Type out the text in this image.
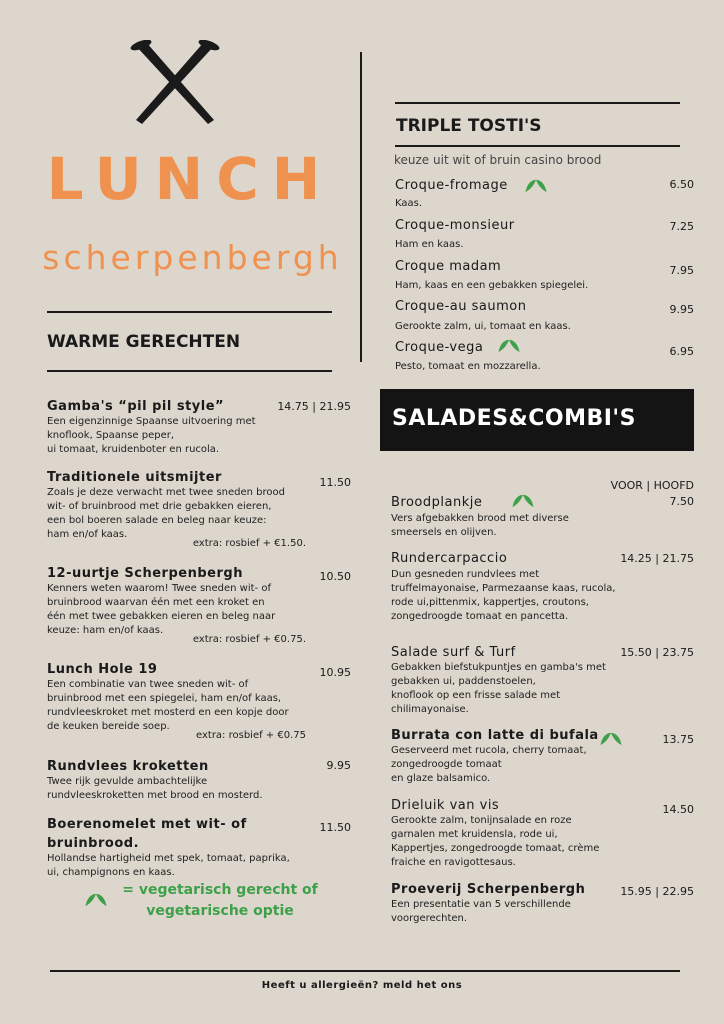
LUNCH
scherpenbergh
WARME GERECHTEN
Gamba's “pil pil style”	14.75 | 21.95
Een eigenzinnige Spaanse uitvoering met
knoflook, Spaanse peper,
ui tomaat, kruidenboter en rucola.
Traditionele uitsmijter	11.50
Zoals je deze verwacht met twee sneden brood
wit- of bruinbrood met drie gebakken eieren,
een bol boeren salade en beleg naar keuze:
ham en/of kaas.
extra: rosbief + €1.50.
12-uurtje Scherpenbergh	10.50
Kenners weten waarom! Twee sneden wit- of
bruinbrood waarvan één met een kroket en
één met twee gebakken eieren en beleg naar
keuze: ham en/of kaas.
extra: rosbief + €0.75.
Lunch Hole 19	10.95
Een combinatie van twee sneden wit- of
bruinbrood met een spiegelei, ham en/of kaas,
rundvleeskroket met mosterd en een kopje door
de keuken bereide soep.
extra: rosbief + €0.75
Rundvlees kroketten	9.95
Twee rijk gevulde ambachtelijke
rundvleeskroketten met brood en mosterd.
Boerenomelet met wit- of
bruinbrood.
11.50
Hollandse hartigheid met spek, tomaat, paprika,
ui, champignons en kaas.
= vegetarisch gerecht of
vegetarische optie
TRIPLE TOSTI'S
keuze uit wit of bruin casino brood
Croque-fromage	6.50
Kaas.
Croque-monsieur	7.25
Ham en kaas.
Croque madam	7.95
Ham, kaas en een gebakken spiegelei.
Croque-au saumon	9.95
Gerookte zalm, ui, tomaat en kaas.
Croque-vega	6.95
Pesto, tomaat en mozzarella.
SALADES&COMBI'S
VOOR | HOOFD
Broodplankje	7.50
Vers afgebakken brood met diverse
smeersels en olijven.
Rundercarpaccio	14.25 | 21.75
Dun gesneden rundvlees met
truffelmayonaise, Parmezaanse kaas, rucola,
rode ui,pittenmix, kappertjes, croutons,
zongedroogde tomaat en pancetta.
Salade surf & Turf	15.50 | 23.75
Gebakken biefstukpuntjes en gamba's met
gebakken ui, paddenstoelen,
knoflook op een frisse salade met
chilimayonaise.
Burrata con latte di bufala	13.75
Geserveerd met rucola, cherry tomaat,
zongedroogde tomaat
en glaze balsamico.
Drieluik van vis	14.50
Gerookte zalm, tonijnsalade en roze
garnalen met kruidensla, rode ui,
Kappertjes, zongedroogde tomaat, crème
fraiche en ravigottesaus.
Proeverij Scherpenbergh	15.95 | 22.95
Een presentatie van 5 verschillende
voorgerechten.
Heeft u allergieën? meld het ons
